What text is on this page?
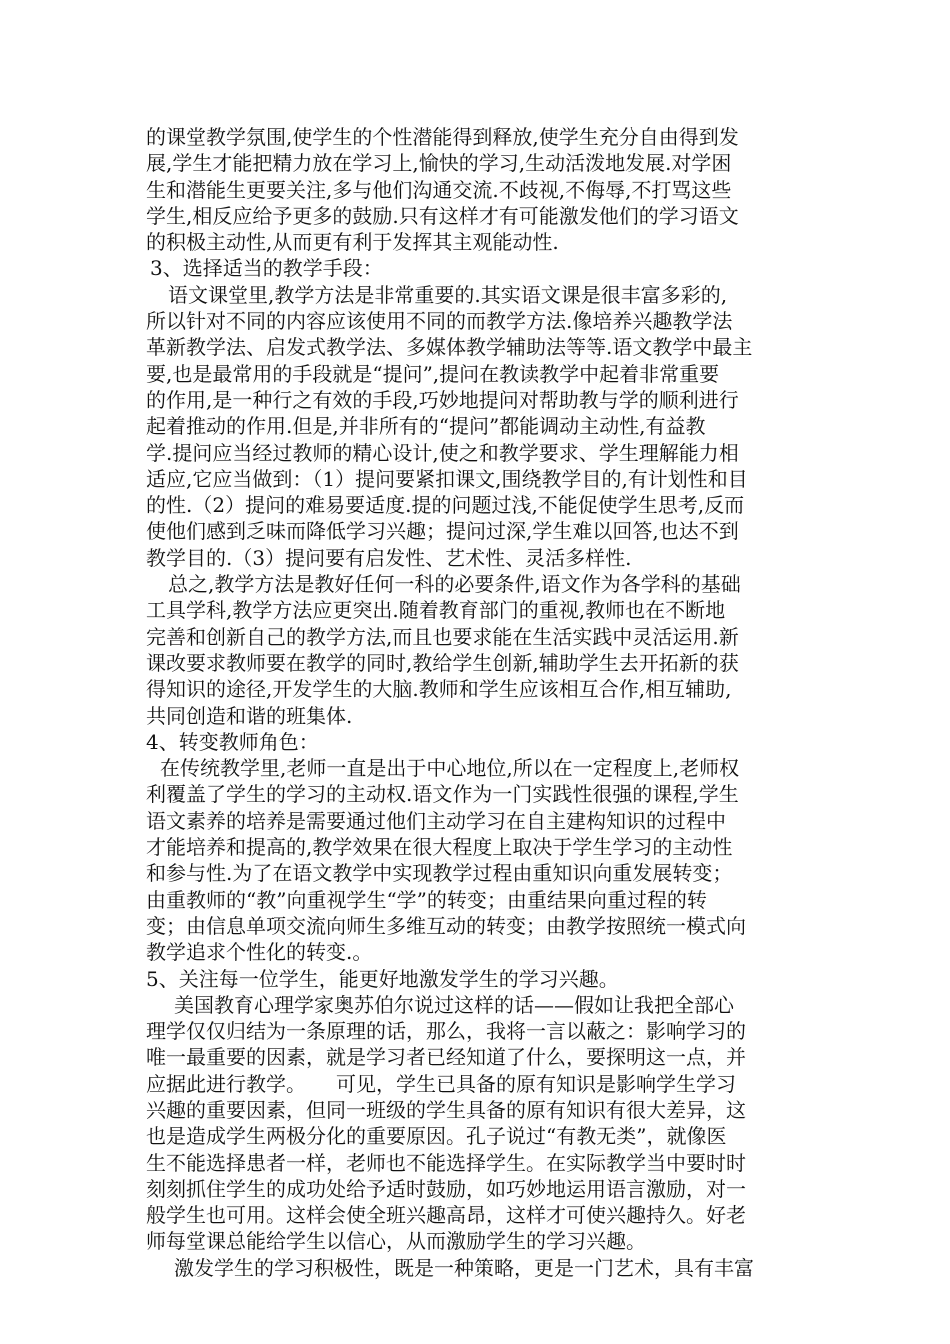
的课堂教学氛围,使学生的个性潜能得到释放,使学生充分自由得到发
展,学生才能把精力放在学习上,愉快的学习,生动活泼地发展.对学困
生和潜能生更要关注,多与他们沟通交流.不歧视,不侮辱,不打骂这些
学生,相反应给予更多的鼓励.只有这样才有可能激发他们的学习语文
的积极主动性,从而更有利于发挥其主观能动性.
3、选择适当的教学手段：
语文课堂里,教学方法是非常重要的.其实语文课是很丰富多彩的,
所以针对不同的内容应该使用不同的而教学方法.像培养兴趣教学法
革新教学法、启发式教学法、多媒体教学辅助法等等.语文教学中最主
要,也是最常用的手段就是“提问”,提问在教读教学中起着非常重要
的作用,是一种行之有效的手段,巧妙地提问对帮助教与学的顺利进行
起着推动的作用.但是,并非所有的“提问”都能调动主动性,有益教
学.提问应当经过教师的精心设计,使之和教学要求、学生理解能力相
适应,它应当做到：（1）提问要紧扣课文,围绕教学目的,有计划性和目
的性.（2）提问的难易要适度.提的问题过浅,不能促使学生思考,反而
使他们感到乏味而降低学习兴趣；提问过深,学生难以回答,也达不到
教学目的.（3）提问要有启发性、艺术性、灵活多样性.
总之,教学方法是教好任何一科的必要条件,语文作为各学科的基础
工具学科,教学方法应更突出.随着教育部门的重视,教师也在不断地
完善和创新自己的教学方法,而且也要求能在生活实践中灵活运用.新
课改要求教师要在教学的同时,教给学生创新,辅助学生去开拓新的获
得知识的途径,开发学生的大脑.教师和学生应该相互合作,相互辅助,
共同创造和谐的班集体.
4、转变教师角色：
在传统教学里,老师一直是出于中心地位,所以在一定程度上,老师权
利覆盖了学生的学习的主动权.语文作为一门实践性很强的课程,学生
语文素养的培养是需要通过他们主动学习在自主建构知识的过程中
才能培养和提高的,教学效果在很大程度上取决于学生学习的主动性
和参与性.为了在语文教学中实现教学过程由重知识向重发展转变；
由重教师的“教”向重视学生“学”的转变；由重结果向重过程的转
变；由信息单项交流向师生多维互动的转变；由教学按照统一模式向
教学追求个性化的转变.。
5、关注每一位学生，能更好地激发学生的学习兴趣。
美国教育心理学家奥苏伯尔说过这样的话——假如让我把全部心
理学仅仅归结为一条原理的话，那么，我将一言以蔽之：影响学习的
唯一最重要的因素，就是学习者已经知道了什么，要探明这一点，并
应据此进行教学。　　可见，学生已具备的原有知识是影响学生学习
兴趣的重要因素，但同一班级的学生具备的原有知识有很大差异，这
也是造成学生两极分化的重要原因。孔子说过“有教无类”，就像医
生不能选择患者一样，老师也不能选择学生。在实际教学当中要时时
刻刻抓住学生的成功处给予适时鼓励，如巧妙地运用语言激励，对一
般学生也可用。这样会使全班兴趣高昂，这样才可使兴趣持久。好老
师每堂课总能给学生以信心，从而激励学生的学习兴趣。
激发学生的学习积极性，既是一种策略，更是一门艺术，具有丰富
